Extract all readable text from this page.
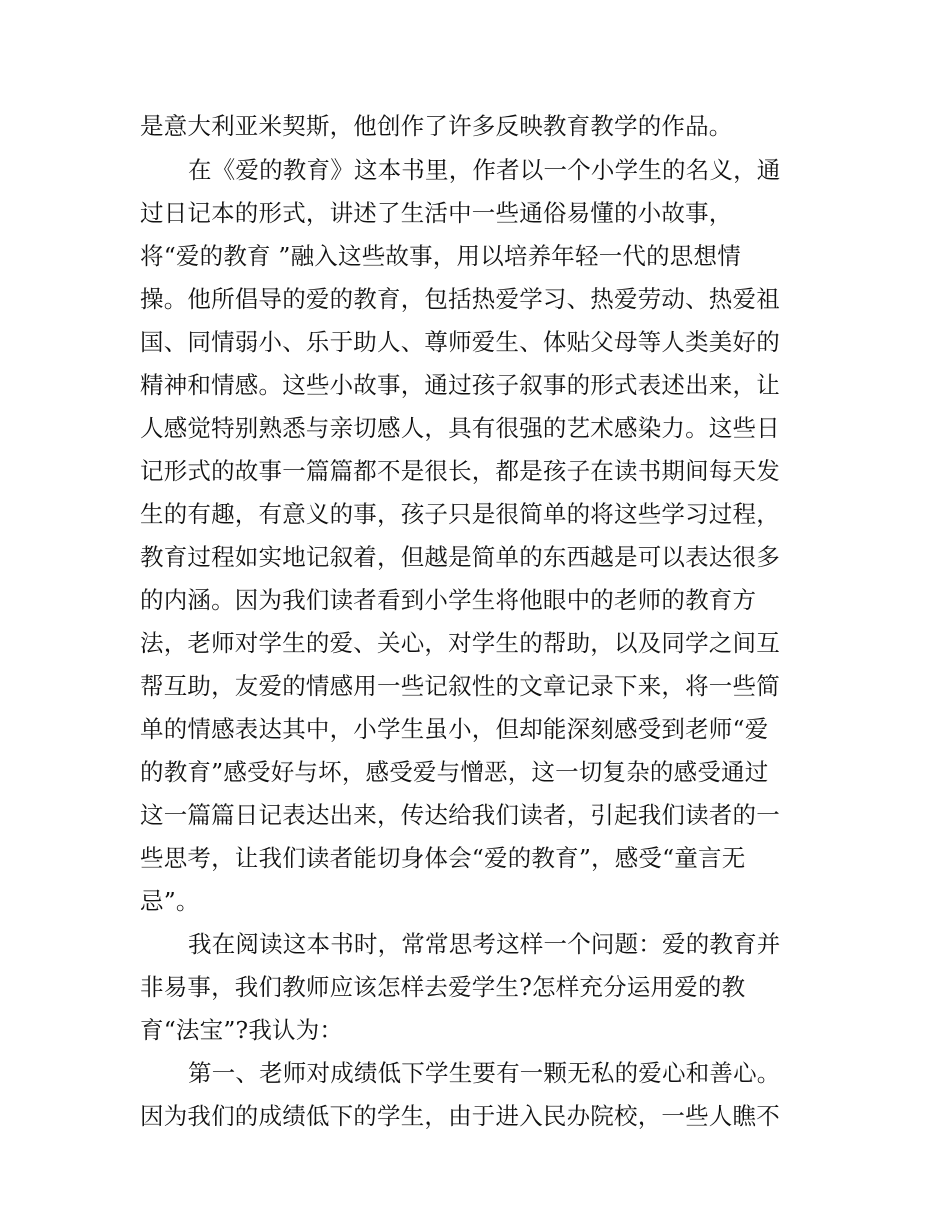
是意大利亚米契斯，他创作了许多反映教育教学的作品。
在《爱的教育》这本书里，作者以一个小学生的名义，通
过日记本的形式，讲述了生活中一些通俗易懂的小故事，
将“爱的教育 ”融入这些故事，用以培养年轻一代的思想情
操。他所倡导的爱的教育，包括热爱学习、热爱劳动、热爱祖
国、同情弱小、乐于助人、尊师爱生、体贴父母等人类美好的
精神和情感。这些小故事，通过孩子叙事的形式表述出来，让
人感觉特别熟悉与亲切感人，具有很强的艺术感染力。这些日
记形式的故事一篇篇都不是很长，都是孩子在读书期间每天发
生的有趣，有意义的事，孩子只是很简单的将这些学习过程，
教育过程如实地记叙着，但越是简单的东西越是可以表达很多
的内涵。因为我们读者看到小学生将他眼中的老师的教育方
法，老师对学生的爱、关心，对学生的帮助，以及同学之间互
帮互助，友爱的情感用一些记叙性的文章记录下来，将一些简
单的情感表达其中，小学生虽小，但却能深刻感受到老师“爱
的教育”感受好与坏，感受爱与憎恶，这一切复杂的感受通过
这一篇篇日记表达出来，传达给我们读者，引起我们读者的一
些思考，让我们读者能切身体会“爱的教育”，感受“童言无
忌”。
我在阅读这本书时，常常思考这样一个问题：爱的教育并
非易事，我们教师应该怎样去爱学生?怎样充分运用爱的教
育“法宝”?我认为：
第一、老师对成绩低下学生要有一颗无私的爱心和善心。
因为我们的成绩低下的学生，由于进入民办院校，一些人瞧不
